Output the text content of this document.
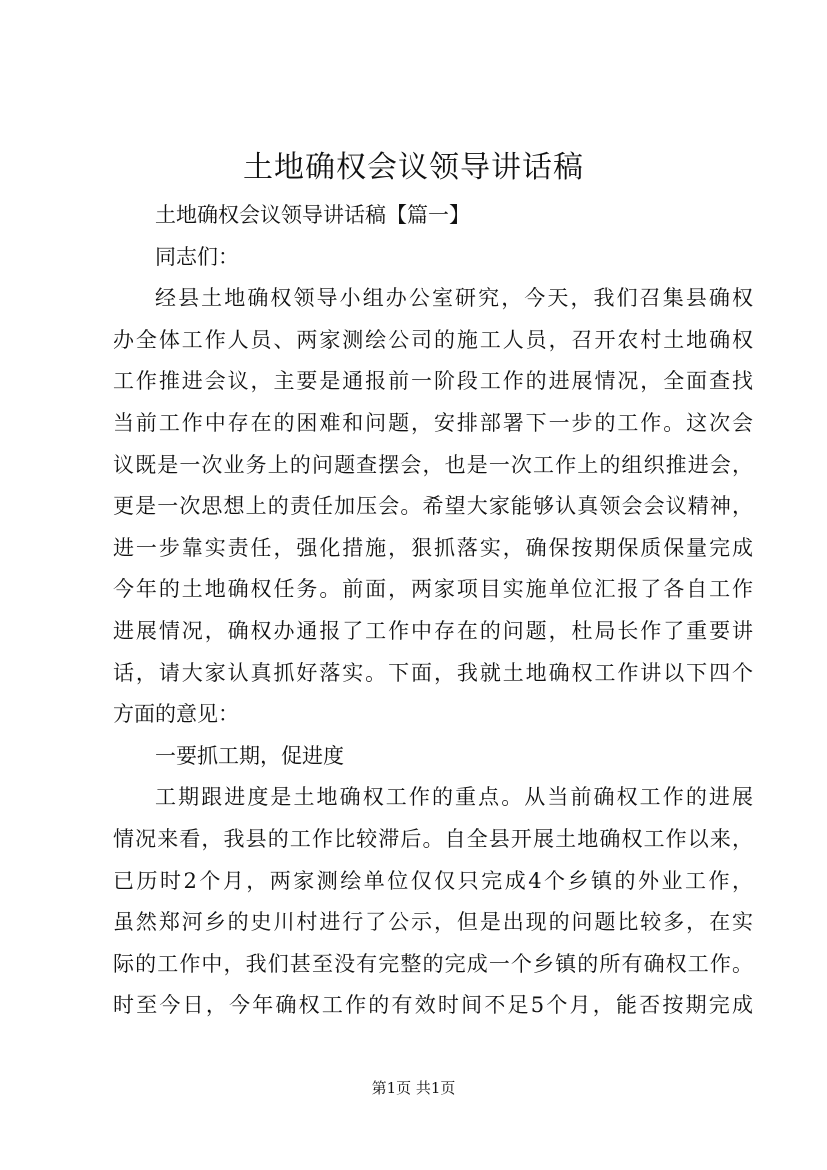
土地确权会议领导讲话稿
土地确权会议领导讲话稿【篇一】
同志们：
经县土地确权领导小组办公室研究，今天，我们召集县确权
办全体工作人员、两家测绘公司的施工人员，召开农村土地确权
工作推进会议，主要是通报前一阶段工作的进展情况，全面查找
当前工作中存在的困难和问题，安排部署下一步的工作。这次会
议既是一次业务上的问题查摆会，也是一次工作上的组织推进会，
更是一次思想上的责任加压会。希望大家能够认真领会会议精神，
进一步靠实责任，强化措施，狠抓落实，确保按期保质保量完成
今年的土地确权任务。前面，两家项目实施单位汇报了各自工作
进展情况，确权办通报了工作中存在的问题，杜局长作了重要讲
话，请大家认真抓好落实。下面，我就土地确权工作讲以下四个
方面的意见：
一要抓工期，促进度
工期跟进度是土地确权工作的重点。从当前确权工作的进展
情况来看，我县的工作比较滞后。自全县开展土地确权工作以来，
已历时2个月，两家测绘单位仅仅只完成4个乡镇的外业工作，
虽然郑河乡的史川村进行了公示，但是出现的问题比较多，在实
际的工作中，我们甚至没有完整的完成一个乡镇的所有确权工作。
时至今日，今年确权工作的有效时间不足5个月，能否按期完成
第1页 共1页
